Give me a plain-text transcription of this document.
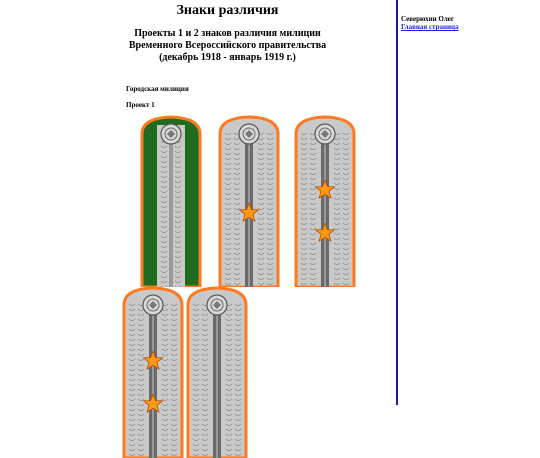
Знаки различия
Проекты 1 и 2 знаков различия милиции
Временного Всероссийского правительства
(декабрь 1918 - январь 1919 г.)
Городская милиция
Проект 1
Северюхин Олег
Главная страница
